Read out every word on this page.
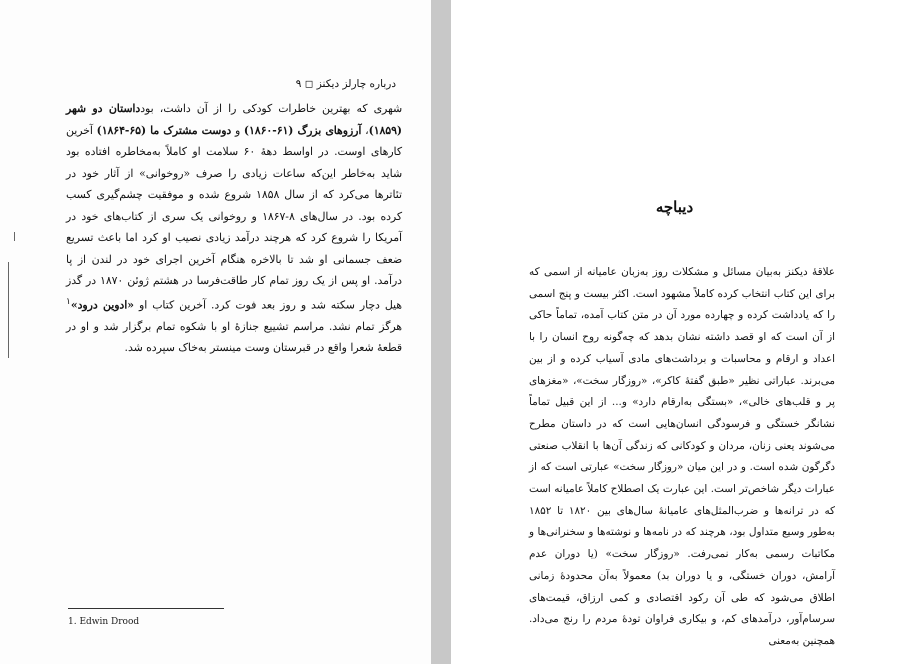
درباره چارلز دیکنز ◻ ۹

شهری که بهترین خاطرات کودکی را از آن داشت، بودداستان دو شهر (۱۸۵۹)، آرزوهای بزرگ (۶۱-۱۸۶۰) و دوست مشترک ما (۶۵-۱۸۶۴) آخرین کارهای اوست. در اواسط دههٔ ۶۰ سلامت او کاملاً به‌مخاطره افتاده بود شاید به‌خاطر این‌که ساعات زیادی را صرف «روخوانی» از آثار خود در تئاترها می‌کرد که از سال ۱۸۵۸ شروع شده و موفقیت چشم‌گیری کسب کرده بود. در سال‌های ۸-۱۸۶۷ و روخوانی یک سری از کتاب‌های خود در آمریکا را شروع کرد که هرچند درآمد زیادی نصیب او کرد اما باعث تسریع ضعف جسمانی او شد تا بالاخره هنگام آخرین اجرای خود در لندن از پا درآمد. او پس از یک روز تمام کار طاقت‌فرسا در هشتم ژوئن ۱۸۷۰ در گدز هیل دچار سکته شد و روز بعد فوت کرد. آخرین کتاب او «ادوین درود»$^۱$ هرگز تمام نشد. مراسم تشییع جنازهٔ او با شکوه تمام برگزار شد و او در قطعهٔ شعرا واقع در قبرستان وست مینستر به‌خاک سپرده شد.

1. Edwin Drood
دیباچه

علاقهٔ دیکنز به‌بیان مسائل و مشکلات روز به‌زبان عامیانه از اسمی که برای این کتاب انتخاب کرده کاملاً مشهود است. اکثر بیست و پنج اسمی را که یادداشت کرده و چهارده مورد آن در متن کتاب آمده، تماماً حاکی از آن است که او قصد داشته نشان بدهد که چه‌گونه روح انسان را با اعداد و ارقام و محاسبات و برداشت‌های مادی آسیاب کرده و از بین می‌برند. عباراتی نظیر «طبق گفتهٔ کاکر»، «روزگار سخت»، «مغزهای پر و قلب‌های خالی»، «بستگی به‌ارقام دارد» و... از این قبیل تماماً نشانگر خستگی و فرسودگی انسان‌هایی است که در داستان مطرح می‌شوند یعنی زنان، مردان و کودکانی که زندگی آن‌ها با انقلاب صنعتی دگرگون شده است. و در این میان «روزگار سخت» عبارتی است که از عبارات دیگر شاخص‌تر است. این عبارت یک اصطلاح کاملاً عامیانه است که در ترانه‌ها و ضرب‌المثل‌های عامیانهٔ سال‌های بین ۱۸۲۰ تا ۱۸۵۲ به‌طور وسیع متداول بود، هرچند که در نامه‌ها و نوشته‌ها و سخنرانی‌ها و مکاتبات رسمی به‌کار نمی‌رفت. «روزگار سخت» (یا دوران عدم آرامش، دوران خستگی، و یا دوران بد) معمولاً به‌آن محدودهٔ زمانی اطلاق می‌شود که طی آن رکود اقتصادی و کمی ارزاق، قیمت‌های سرسام‌آور، درآمدهای کم، و بیکاری فراوان تودهٔ مردم را رنج می‌داد. همچنین به‌معنی
